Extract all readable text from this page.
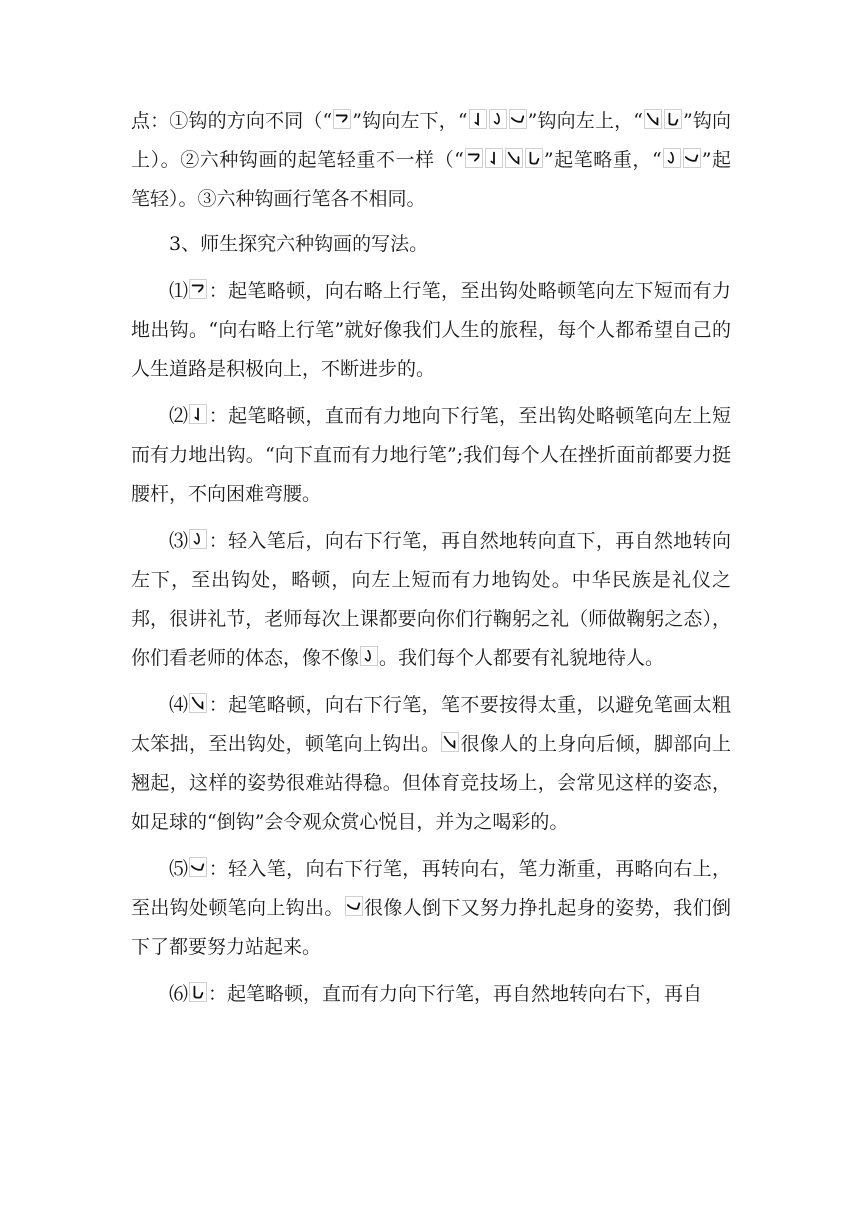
点：①钩的方向不同（“ ”钩向左下，“	”钩向左上，“ ”钩向上）。②六种钩画的起笔轻重不一样（“	”起笔略重，“ ”起笔轻）。③六种钩画行笔各不相同。

3、师生探究六种钩画的写法。

⑴ ：起笔略顿，向右略上行笔，至出钩处略顿笔向左下短而有力地出钩。“向右略上行笔”就好像我们人生的旅程，每个人都希望自己的人生道路是积极向上，不断进步的。

⑵ ：起笔略顿，直而有力地向下行笔，至出钩处略顿笔向左上短而有力地出钩。“向下直而有力地行笔”;我们每个人在挫折面前都要力挺腰杆，不向困难弯腰。

⑶ ：轻入笔后，向右下行笔，再自然地转向直下，再自然地转向左下，至出钩处，略顿，向左上短而有力地钩处。中华民族是礼仪之邦，很讲礼节，老师每次上课都要向你们行鞠躬之礼（师做鞠躬之态），你们看老师的体态，像不像 。我们每个人都要有礼貌地待人。

⑷ ：起笔略顿，向右下行笔，笔不要按得太重，以避免笔画太粗太笨拙，至出钩处，顿笔向上钩出。 很像人的上身向后倾，脚部向上翘起，这样的姿势很难站得稳。但体育竞技场上，会常见这样的姿态，如足球的“倒钩”会令观众赏心悦目，并为之喝彩的。

⑸ ：轻入笔，向右下行笔，再转向右，笔力渐重，再略向右上，至出钩处顿笔向上钩出。 很像人倒下又努力挣扎起身的姿势，我们倒下了都要努力站起来。

⑹ ：起笔略顿，直而有力向下行笔，再自然地转向右下，再自
